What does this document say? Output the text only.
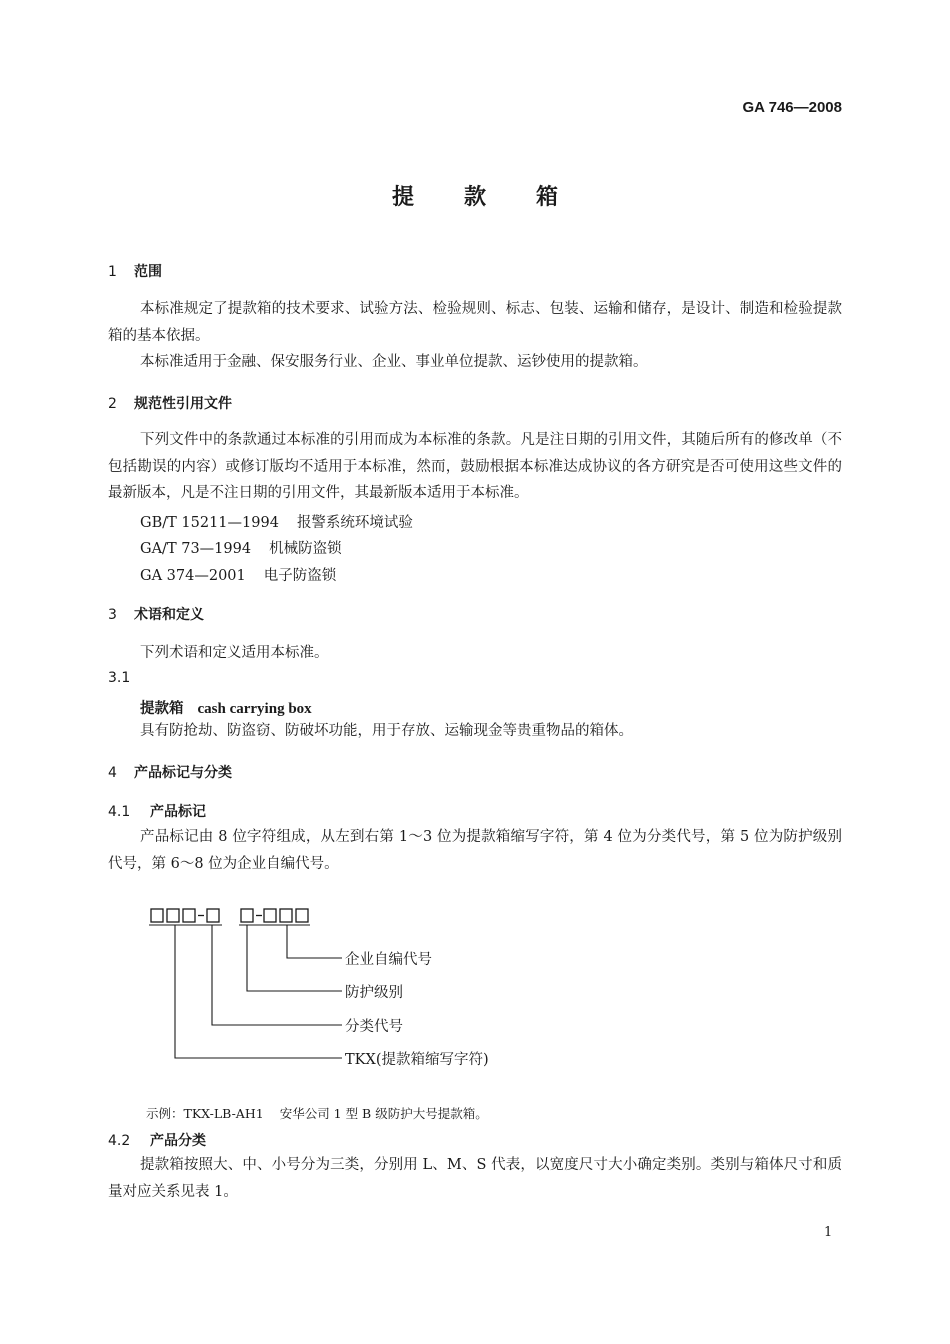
GA 746—2008
提款箱
1 范围

本标准规定了提款箱的技术要求、试验方法、检验规则、标志、包装、运输和储存，是设计、制造和检验提款箱的基本依据。

本标准适用于金融、保安服务行业、企业、事业单位提款、运钞使用的提款箱。

2 规范性引用文件

下列文件中的条款通过本标准的引用而成为本标准的条款。凡是注日期的引用文件，其随后所有的修改单（不包括勘误的内容）或修订版均不适用于本标准，然而，鼓励根据本标准达成协议的各方研究是否可使用这些文件的最新版本，凡是不注日期的引用文件，其最新版本适用于本标准。

GB/T 15211—1994 报警系统环境试验
GA/T 73—1994 机械防盗锁
GA 374—2001 电子防盗锁
3 术语和定义

下列术语和定义适用本标准。

3.1
提款箱 cash carrying box

具有防抢劫、防盗窃、防破坏功能，用于存放、运输现金等贵重物品的箱体。

4 产品标记与分类
4.1 产品标记

产品标记由 8 位字符组成，从左到右第 1～3 位为提款箱缩写字符，第 4 位为分类代号，第 5 位为防护级别代号，第 6～8 位为企业自编代号。

企业自编代号
防护级别
分类代号
TKX(提款箱缩写字符)
示例：TKX-LB-AH1 安华公司 1 型 B 级防护大号提款箱。
4.2 产品分类

提款箱按照大、中、小号分为三类，分别用 L、M、S 代表，以宽度尺寸大小确定类别。类别与箱体尺寸和质量对应关系见表 1。

1
